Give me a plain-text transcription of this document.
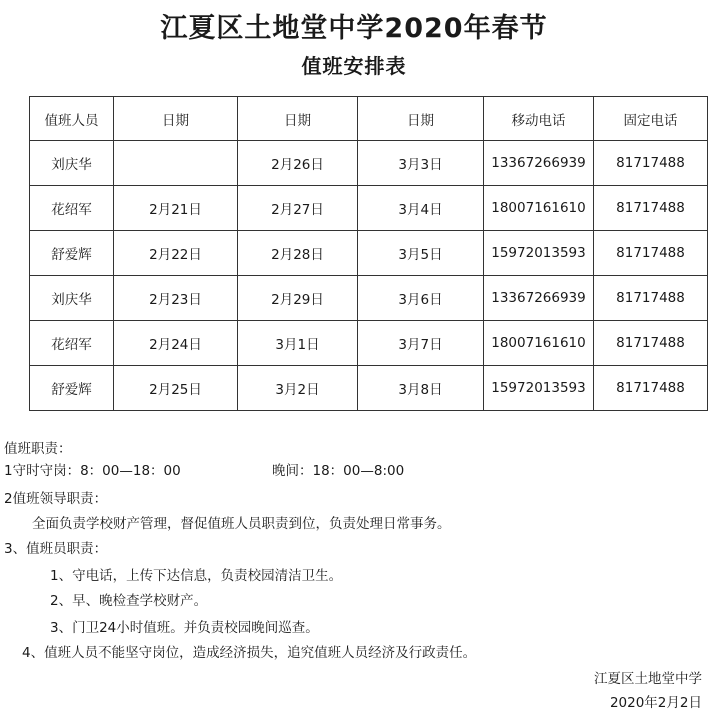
江夏区土地堂中学2020年春节
值班安排表
值班人员	日期	日期	日期	移动电话	固定电话
刘庆华		2月26日	3月3日	13367266939	81717488
花绍军	2月21日	2月27日	3月4日	18007161610	81717488
舒爱辉	2月22日	2月28日	3月5日	15972013593	81717488
刘庆华	2月23日	2月29日	3月6日	13367266939	81717488
花绍军	2月24日	3月1日	3月7日	18007161610	81717488
舒爱辉	2月25日	3月2日	3月8日	15972013593	81717488
值班职责：
1守时守岗：8：00—18：00	晚间：18：00—8:00
2值班领导职责：
全面负责学校财产管理，督促值班人员职责到位，负责处理日常事务。
3、值班员职责：
1、守电话，上传下达信息，负责校园清洁卫生。
2、早、晚检查学校财产。
3、门卫24小时值班。并负责校园晚间巡查。
4、值班人员不能坚守岗位，造成经济损失，追究值班人员经济及行政责任。
江夏区土地堂中学
2020年2月2日
